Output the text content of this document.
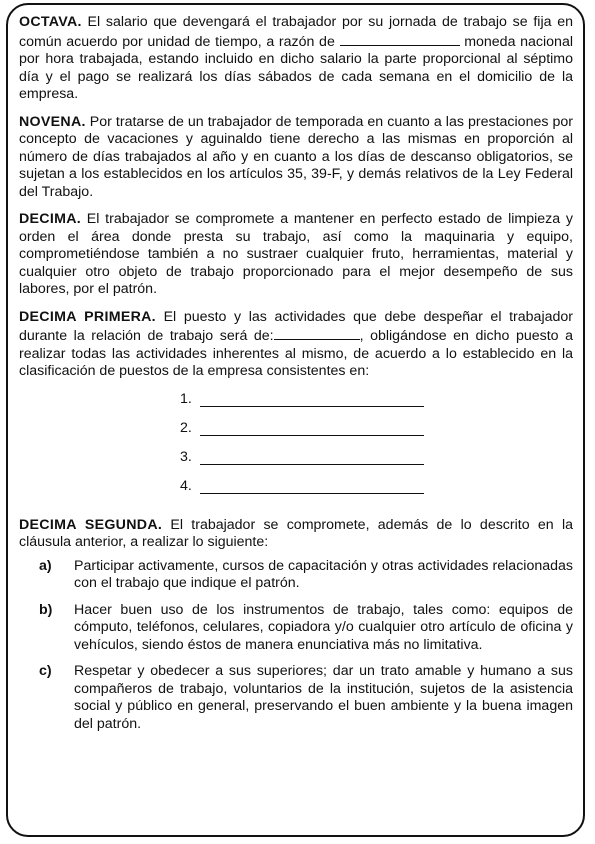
OCTAVA. El salario que devengará el trabajador por su jornada de trabajo se fija en común acuerdo por unidad de tiempo, a razón de	moneda nacional por hora trabajada, estando incluido en dicho salario la parte proporcional al séptimo día y el pago se realizará los días sábados de cada semana en el domicilio de la empresa.

NOVENA. Por tratarse de un trabajador de temporada en cuanto a las prestaciones por concepto de vacaciones y aguinaldo tiene derecho a las mismas en proporción al número de días trabajados al año y en cuanto a los días de descanso obligatorios, se sujetan a los establecidos en los artículos 35, 39-F, y demás relativos de la Ley Federal del Trabajo.

DECIMA. El trabajador se compromete a mantener en perfecto estado de limpieza y orden el área donde presta su trabajo, así como la maquinaria y equipo, comprometiéndose también a no sustraer cualquier fruto, herramientas, material y cualquier otro objeto de trabajo proporcionado para el mejor desempeño de sus labores, por el patrón.

DECIMA PRIMERA. El puesto y las actividades que debe despeñar el trabajador durante la relación de trabajo será de:	, obligándose en dicho puesto a realizar todas las actividades inherentes al mismo, de acuerdo a lo establecido en la clasificación de puestos de la empresa consistentes en:

1.
2.
3.
4.

DECIMA SEGUNDA. El trabajador se compromete, además de lo descrito en la cláusula anterior, a realizar lo siguiente:

a)	Participar activamente, cursos de capacitación y otras actividades relacionadas con el trabajo que indique el patrón.
b)	Hacer buen uso de los instrumentos de trabajo, tales como: equipos de cómputo, teléfonos, celulares, copiadora y/o cualquier otro artículo de oficina y vehículos, siendo éstos de manera enunciativa más no limitativa.
c)	Respetar y obedecer a sus superiores; dar un trato amable y humano a sus compañeros de trabajo, voluntarios de la institución, sujetos de la asistencia social y público en general, preservando el buen ambiente y la buena imagen del patrón.
